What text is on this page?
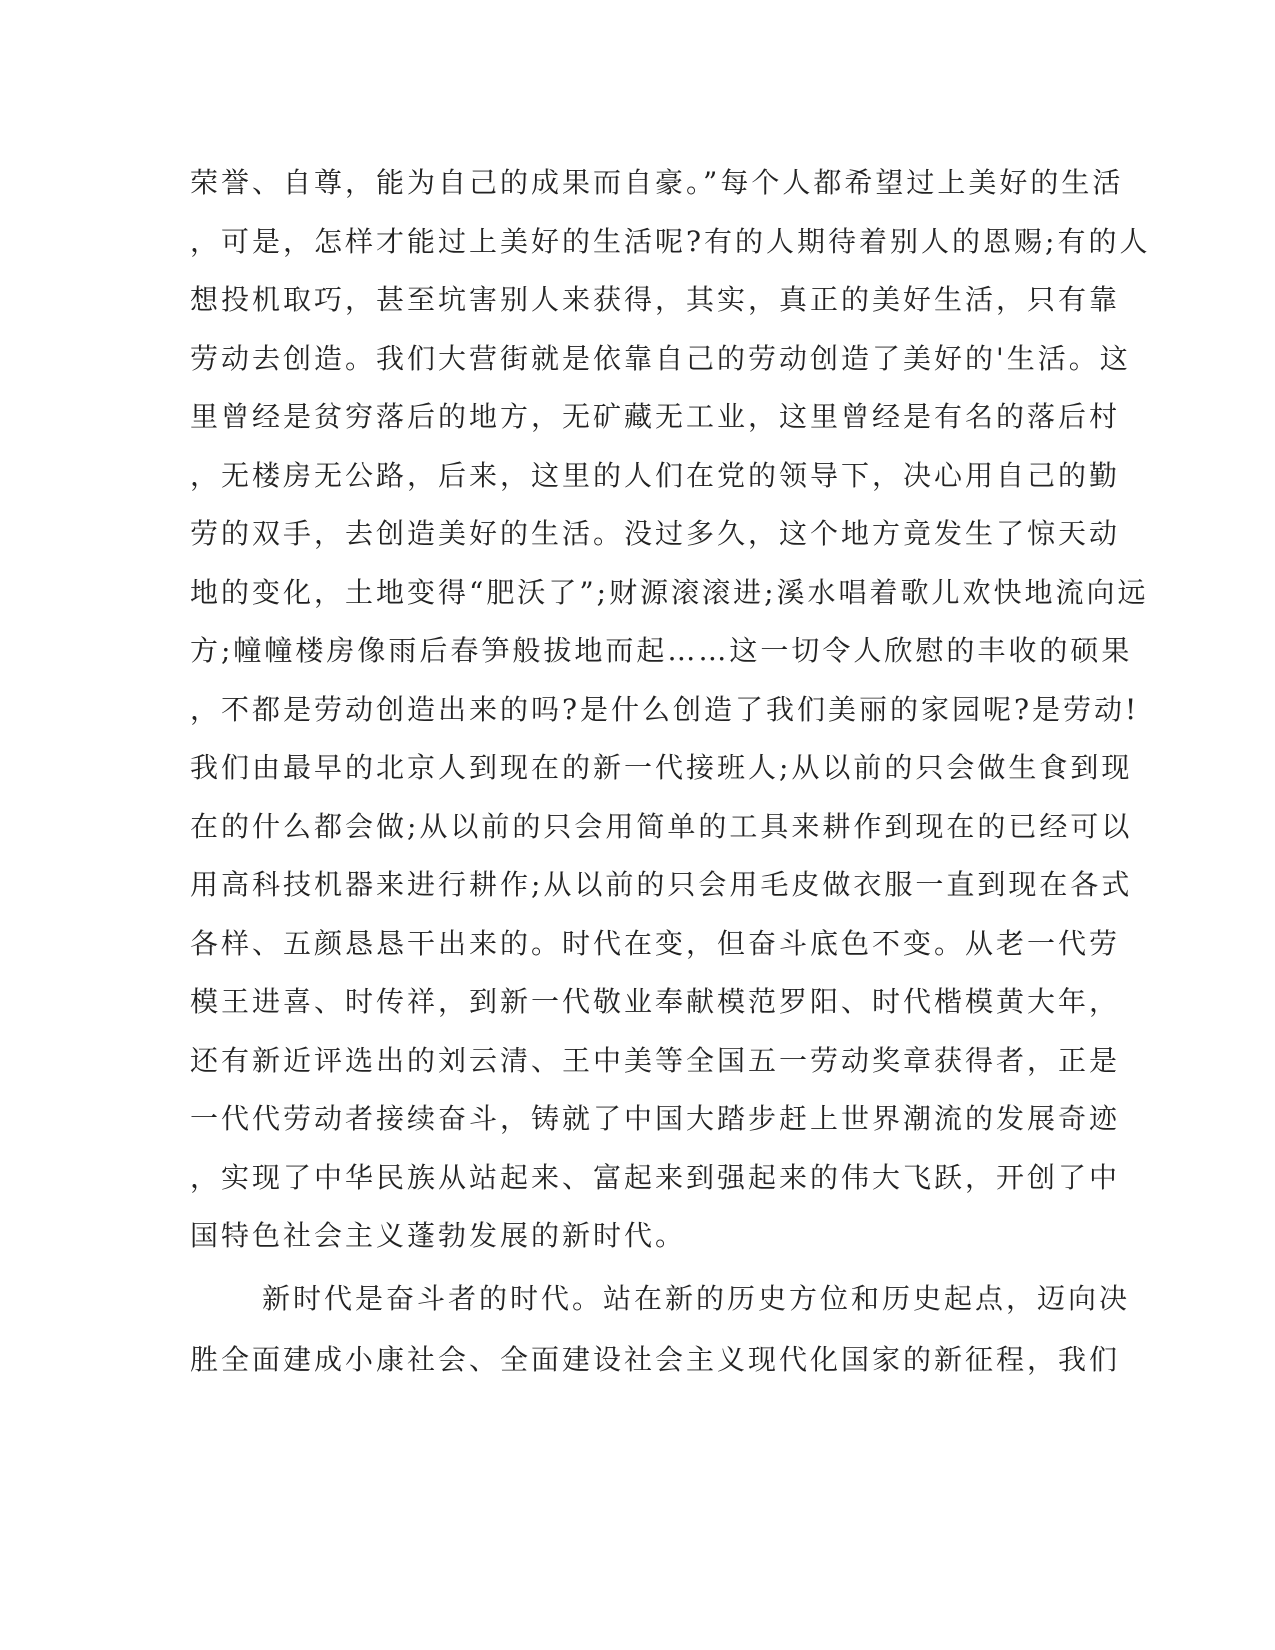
荣誉、自尊，能为自己的成果而自豪。”每个人都希望过上美好的生活
，可是，怎样才能过上美好的生活呢?有的人期待着别人的恩赐;有的人
想投机取巧，甚至坑害别人来获得，其实，真正的美好生活，只有靠
劳动去创造。我们大营街就是依靠自己的劳动创造了美好的'生活。这
里曾经是贫穷落后的地方，无矿藏无工业，这里曾经是有名的落后村
，无楼房无公路，后来，这里的人们在党的领导下，决心用自己的勤
劳的双手，去创造美好的生活。没过多久，这个地方竟发生了惊天动
地的变化，土地变得“肥沃了”;财源滚滚进;溪水唱着歌儿欢快地流向远
方;幢幢楼房像雨后春笋般拔地而起……这一切令人欣慰的丰收的硕果
，不都是劳动创造出来的吗?是什么创造了我们美丽的家园呢?是劳动!
我们由最早的北京人到现在的新一代接班人;从以前的只会做生食到现
在的什么都会做;从以前的只会用简单的工具来耕作到现在的已经可以
用高科技机器来进行耕作;从以前的只会用毛皮做衣服一直到现在各式
各样、五颜恳恳干出来的。时代在变，但奋斗底色不变。从老一代劳
模王进喜、时传祥，到新一代敬业奉献模范罗阳、时代楷模黄大年，
还有新近评选出的刘云清、王中美等全国五一劳动奖章获得者，正是
一代代劳动者接续奋斗，铸就了中国大踏步赶上世界潮流的发展奇迹
，实现了中华民族从站起来、富起来到强起来的伟大飞跃，开创了中
国特色社会主义蓬勃发展的新时代。
新时代是奋斗者的时代。站在新的历史方位和历史起点，迈向决
胜全面建成小康社会、全面建设社会主义现代化国家的新征程，我们
